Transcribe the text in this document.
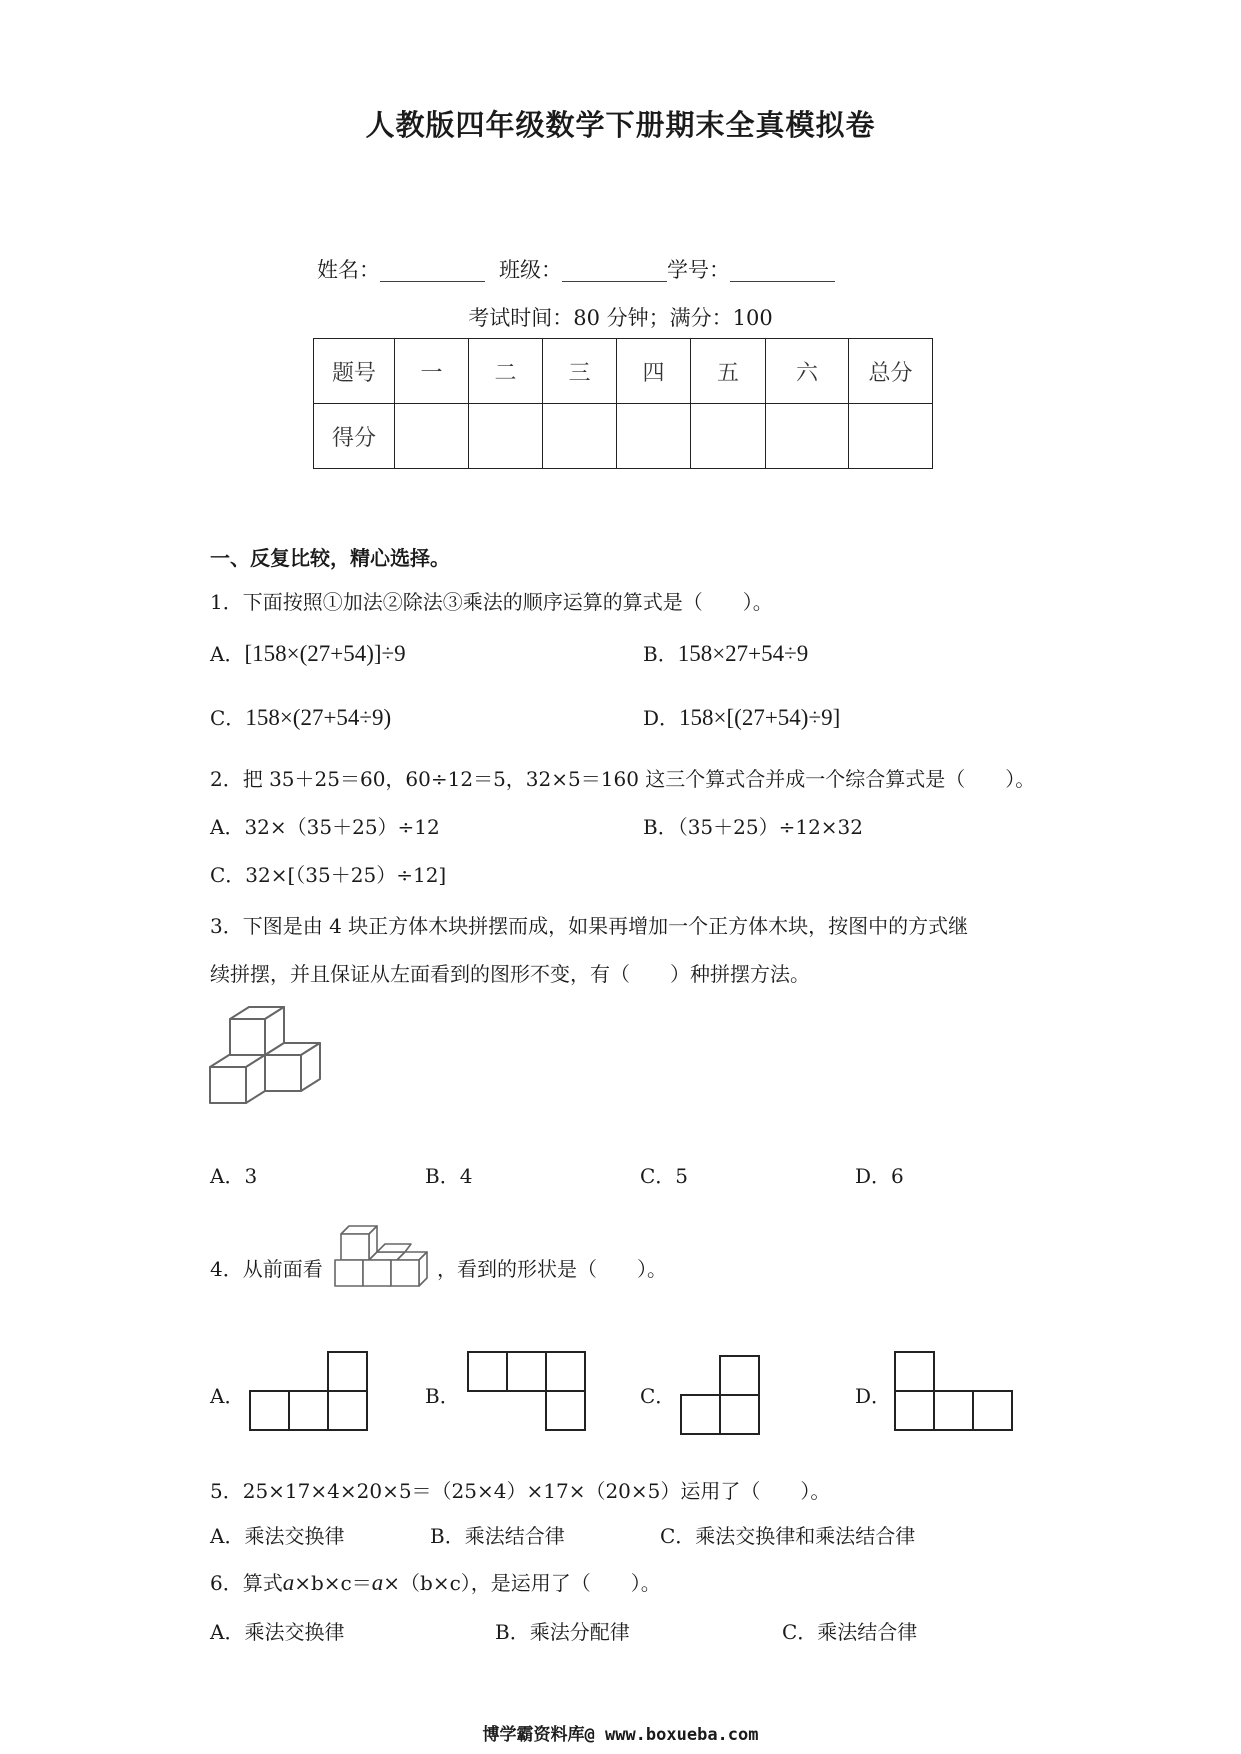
人教版四年级数学下册期末全真模拟卷
姓名：__________ 班级：__________学号：__________
考试时间：80 分钟；满分：100
题号	一	二	三	四	五	六	总分
得分							
一、反复比较，精心选择。
1．下面按照①加法②除法③乘法的顺序运算的算式是（　　）。
A．[158×(27+54)]÷9	B．158×27+54÷9
C．158×(27+54÷9)	D．158×[(27+54)÷9]
2．把 35＋25＝60，60÷12＝5，32×5＝160 这三个算式合并成一个综合算式是（　　）。
A．32×（35＋25）÷12	B．（35＋25）÷12×32
C．32×[（35＋25）÷12]
3．下图是由 4 块正方体木块拼摆而成，如果再增加一个正方体木块，按图中的方式继
续拼摆，并且保证从左面看到的图形不变，有（　　）种拼摆方法。
A．3	B．4	C．5	D．6
4．从前面看	，看到的形状是（　　）。
A．	B．	C．	D．
5．25×17×4×20×5＝（25×4）×17×（20×5）运用了（　　）。
A．乘法交换律	B．乘法结合律	C．乘法交换律和乘法结合律
6．算式a×b×c＝a×（b×c），是运用了（　　）。
A．乘法交换律	B．乘法分配律	C．乘法结合律
博学霸资料库@ www.boxueba.com
